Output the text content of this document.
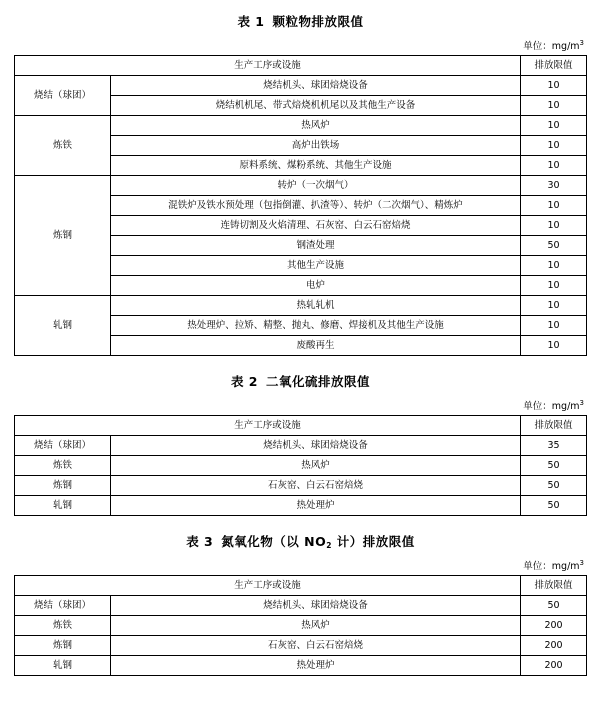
表 1 颗粒物排放限值
单位：$mg/m^3$
生产工序或设施		排放限值
烧结（球团）	烧结机头、球团焙烧设备	10
	烧结机机尾、带式焙烧机机尾以及其他生产设备	10
炼铁	热风炉	10
	高炉出铁场	10
	原料系统、煤粉系统、其他生产设施	10
炼钢	转炉（一次烟气）	30
	混铁炉及铁水预处理（包指倒灌、扒渣等）、转炉（二次烟气）、精炼炉	10
	连铸切割及火焰清理、石灰窑、白云石窑焙烧	10
	钢渣处理	50
	其他生产设施	10
	电炉	10
轧钢	热轧轧机	10
	热处理炉、拉矫、精整、抛丸、修磨、焊接机及其他生产设施	10
	废酸再生	10
表 2 二氧化硫排放限值
单位：$mg/m^3$
生产工序或设施		排放限值
烧结（球团）	烧结机头、球团焙烧设备	35
炼铁	热风炉	50
炼钢	石灰窑、白云石窑焙烧	50
轧钢	热处理炉	50
表 3 氮氧化物（以 $NO_2$ 计）排放限值
单位：$mg/m^3$
生产工序或设施		排放限值
烧结（球团）	烧结机头、球团焙烧设备	50
炼铁	热风炉	200
炼钢	石灰窑、白云石窑焙烧	200
轧钢	热处理炉	200
